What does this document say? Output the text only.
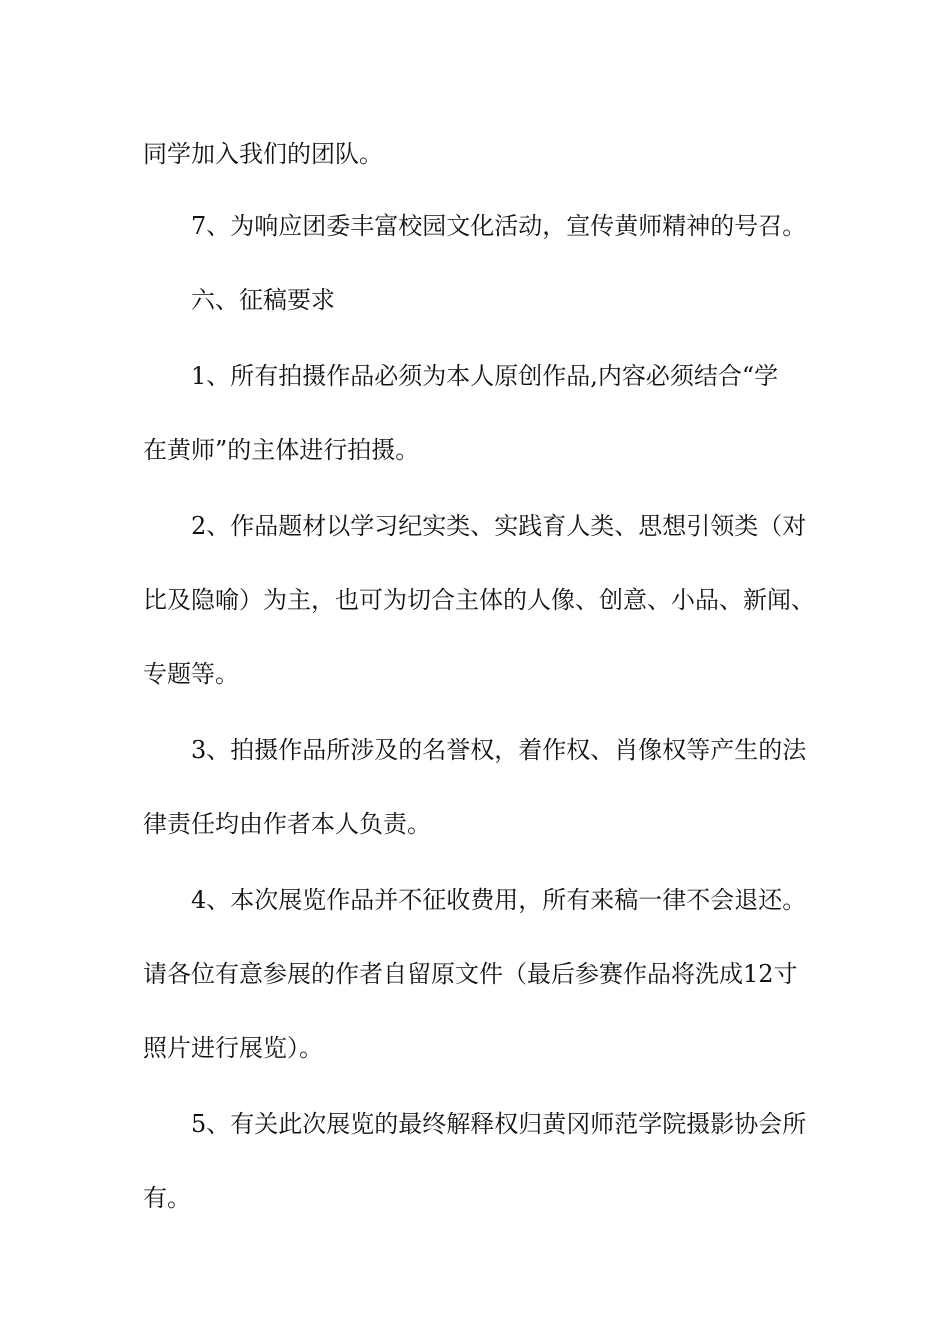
同学加入我们的团队。
7、为响应团委丰富校园文化活动，宣传黄师精神的号召。
六、征稿要求
1、所有拍摄作品必须为本人原创作品,内容必须结合“学
在黄师”的主体进行拍摄。
2、作品题材以学习纪实类、实践育人类、思想引领类（对
比及隐喻）为主，也可为切合主体的人像、创意、小品、新闻、
专题等。
3、拍摄作品所涉及的名誉权，着作权、肖像权等产生的法
律责任均由作者本人负责。
4、本次展览作品并不征收费用，所有来稿一律不会退还。
请各位有意参展的作者自留原文件（最后参赛作品将洗成12寸
照片进行展览）。
5、有关此次展览的最终解释权归黄冈师范学院摄影协会所
有。
